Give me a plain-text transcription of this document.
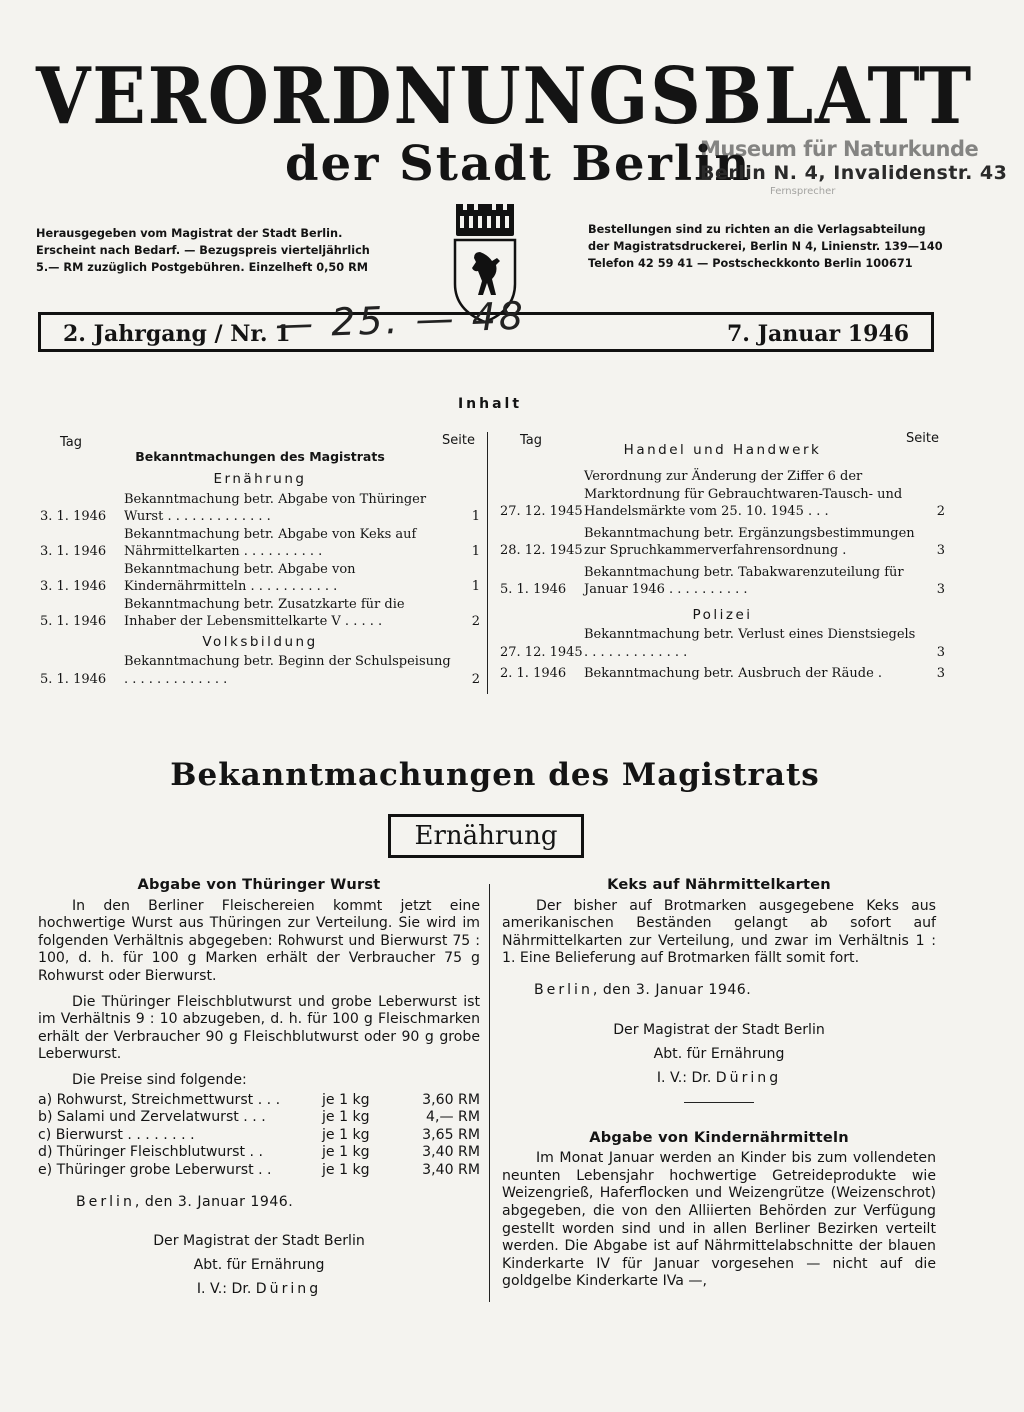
VERORDNUNGSBLATT
der Stadt Berlin
Museum für Naturkunde
Berlin N. 4, Invalidenstr. 43
Fernsprecher
Herausgegeben vom Magistrat der Stadt Berlin.
Erscheint nach Bedarf. — Bezugspreis vierteljährlich
5.— RM zuzüglich Postgebühren. Einzelheft 0,50 RM
Bestellungen sind zu richten an die Verlagsabteilung
der Magistratsdruckerei, Berlin N 4, Linienstr. 139—140
Telefon 42 59 41 — Postscheckkonto Berlin 100671
2. Jahrgang / Nr. 1	7. Januar 1946
— 25. — 48
Inhalt
Tag	Seite
Bekanntmachungen des Magistrats
Ernährung
3. 1. 1946
Bekanntmachung betr. Abgabe von Thüringer Wurst . . . . . . . . . . . . .	1
3. 1. 1946
Bekanntmachung betr. Abgabe von Keks auf Nährmittelkarten . . . . . . . . . .	1
3. 1. 1946
Bekanntmachung betr. Abgabe von Kindernährmitteln . . . . . . . . . . .	1
5. 1. 1946
Bekanntmachung betr. Zusatzkarte für die Inhaber der Lebensmittelkarte V . . . . .	2
Volksbildung
5. 1. 1946
Bekanntmachung betr. Beginn der Schulspeisung . . . . . . . . . . . . .	2
Tag	Seite
Handel und Handwerk
27. 12. 1945
Verordnung zur Änderung der Ziffer 6 der Marktordnung für Gebrauchtwaren-Tausch- und Handelsmärkte vom 25. 10. 1945 . . .	2
28. 12. 1945
Bekanntmachung betr. Ergänzungsbestimmungen zur Spruchkammerverfahrensordnung .	3
5. 1. 1946
Bekanntmachung betr. Tabakwarenzuteilung für Januar 1946 . . . . . . . . . .	3
Polizei
27. 12. 1945
Bekanntmachung betr. Verlust eines Dienstsiegels . . . . . . . . . . . . .	3
2. 1. 1946	Bekanntmachung betr. Ausbruch der Räude .	3
Bekanntmachungen des Magistrats
Ernährung
Abgabe von Thüringer Wurst

In den Berliner Fleischereien kommt jetzt eine hochwertige Wurst aus Thüringen zur Verteilung. Sie wird im folgenden Verhältnis abgegeben: Rohwurst und Bierwurst 75 : 100, d. h. für 100 g Marken erhält der Verbraucher 75 g Rohwurst oder Bierwurst.

Die Thüringer Fleischblutwurst und grobe Leberwurst ist im Verhältnis 9 : 10 abzugeben, d. h. für 100 g Fleischmarken erhält der Verbraucher 90 g Fleischblutwurst oder 90 g grobe Leberwurst.

Die Preise sind folgende:

a) Rohwurst, Streichmettwurst . . .	je 1 kg	3,60 RM
b) Salami und Zervelatwurst . . .	je 1 kg	4,— RM
c) Bierwurst . . . . . . . .	je 1 kg	3,65 RM
d) Thüringer Fleischblutwurst . .	je 1 kg	3,40 RM
e) Thüringer grobe Leberwurst . .	je 1 kg	3,40 RM
Berlin, den 3. Januar 1946.
Der Magistrat der Stadt Berlin
Abt. für Ernährung
I. V.: Dr. Düring
Keks auf Nährmittelkarten

Der bisher auf Brotmarken ausgegebene Keks aus amerikanischen Beständen gelangt ab sofort auf Nährmittelkarten zur Verteilung, und zwar im Verhältnis 1 : 1. Eine Belieferung auf Brotmarken fällt somit fort.

Berlin, den 3. Januar 1946.
Der Magistrat der Stadt Berlin
Abt. für Ernährung
I. V.: Dr. Düring
Abgabe von Kindernährmitteln

Im Monat Januar werden an Kinder bis zum vollendeten neunten Lebensjahr hochwertige Getreideprodukte wie Weizengrieß, Haferflocken und Weizengrütze (Weizenschrot) abgegeben, die von den Alliierten Behörden zur Verfügung gestellt worden sind und in allen Berliner Bezirken verteilt werden. Die Abgabe ist auf Nährmittelabschnitte der blauen Kinderkarte IV für Januar vorgesehen — nicht auf die goldgelbe Kinderkarte IVa —,
